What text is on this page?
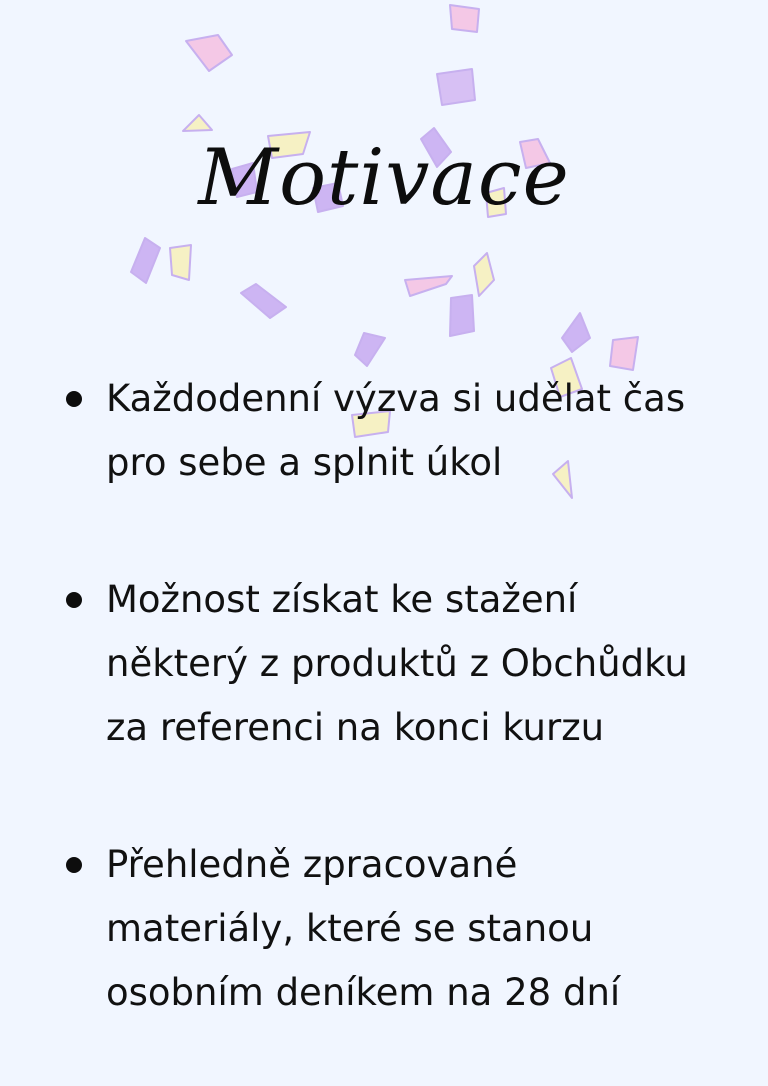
Motivace
Každodenní výzva si udělat čas
pro sebe a splnit úkol
Možnost získat ke stažení
některý z produktů z Obchůdku
za referenci na konci kurzu
Přehledně zpracované
materiály, které se stanou
osobním deníkem na 28 dní
